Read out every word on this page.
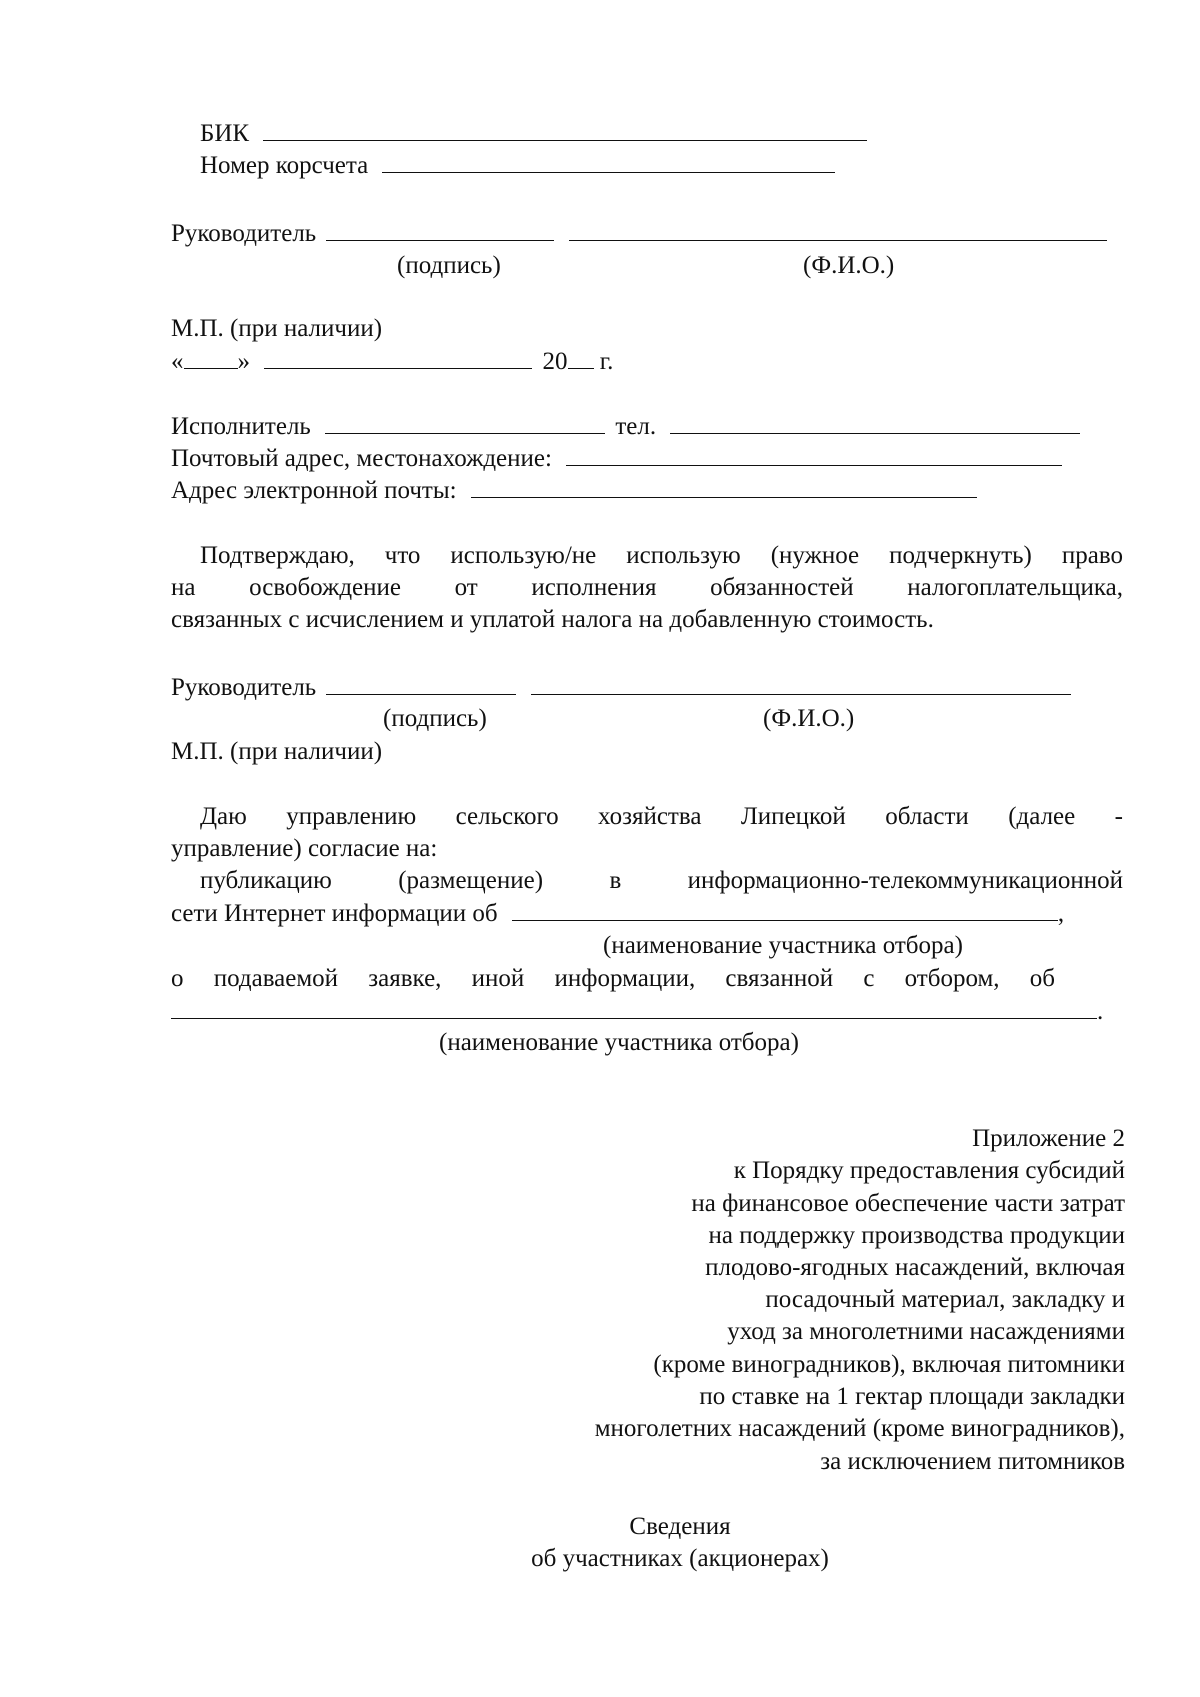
БИК
Номер корсчета
Руководитель
(подпись)	(Ф.И.О.)
М.П. (при наличии)
« »	20 г.
Исполнитель	тел.
Почтовый адрес, местонахождение:
Адрес электронной почты:
Подтверждаю, что использую/не использую (нужное подчеркнуть) право
на освобождение от исполнения обязанностей налогоплательщика,
связанных с исчислением и уплатой налога на добавленную стоимость.
Руководитель
(подпись)	(Ф.И.О.)
М.П. (при наличии)
Даю управлению сельского хозяйства Липецкой области (далее -
управление) согласие на:
публикацию (размещение) в информационно-телекоммуникационной
сети Интернет информации об	,
(наименование участника отбора)
о подаваемой заявке, иной информации, связанной с отбором, об
.
(наименование участника отбора)
Приложение 2
к Порядку предоставления субсидий
на финансовое обеспечение части затрат
на поддержку производства продукции
плодово-ягодных насаждений, включая
посадочный материал, закладку и
уход за многолетними насаждениями
(кроме виноградников), включая питомники
по ставке на 1 гектар площади закладки
многолетних насаждений (кроме виноградников),
за исключением питомников
Сведения
об участниках (акционерах)
